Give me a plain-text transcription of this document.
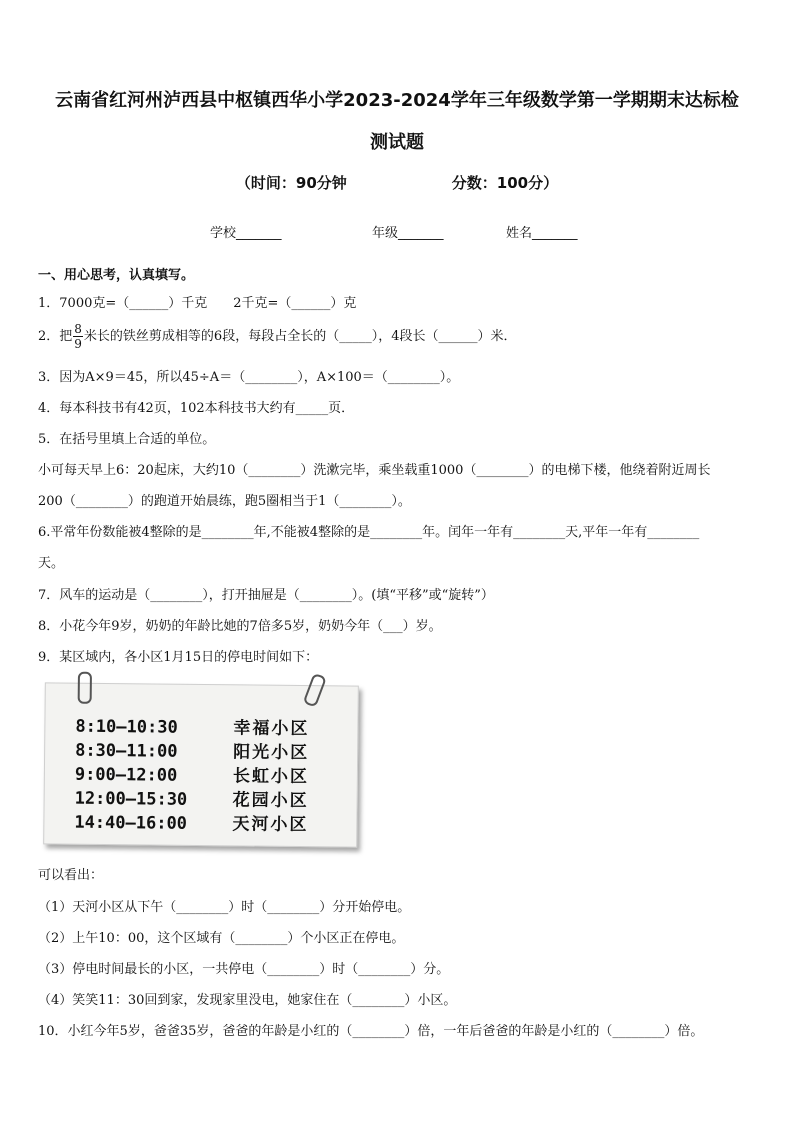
云南省红河州泸西县中枢镇西华小学2023-2024学年三年级数学第一学期期末达标检
测试题
（时间：90分钟	分数：100分）
学校_______	年级_______	姓名_______
一、用心思考，认真填写。
1．7000克=（______）千克　　2千克=（______）克
2．把 $\frac{8}{9}$ 米长的铁丝剪成相等的6段，每段占全长的（_____），4段长（______）米．
3．因为A×9＝45，所以45÷A＝（________），A×100＝（________）。
4．每本科技书有42页，102本科技书大约有_____页．
5．在括号里填上合适的单位。
小可每天早上6：20起床，大约10（________）洗漱完毕，乘坐载重1000（________）的电梯下楼，他绕着附近周长
200（________）的跑道开始晨练，跑5圈相当于1（________）。
6.平常年份数能被4整除的是________年,不能被4整除的是________年。闰年一年有________天,平年一年有________
天。
7．风车的运动是（________），打开抽屉是（________）。(填“平移”或“旋转”）
8．小花今年9岁，奶奶的年龄比她的7倍多5岁，奶奶今年（___）岁。
9．某区域内，各小区1月15日的停电时间如下：
8:10—10:30	幸福小区
8:30—11:00	阳光小区
9:00—12:00	长虹小区
12:00—15:30	花园小区
14:40—16:00	天河小区
可以看出：
（1）天河小区从下午（________）时（________）分开始停电。
（2）上午10：00，这个区域有（________）个小区正在停电。
（3）停电时间最长的小区，一共停电（________）时（________）分。
（4）笑笑11：30回到家，发现家里没电，她家住在（________）小区。
10．小红今年5岁，爸爸35岁，爸爸的年龄是小红的（________）倍，一年后爸爸的年龄是小红的（________）倍。
